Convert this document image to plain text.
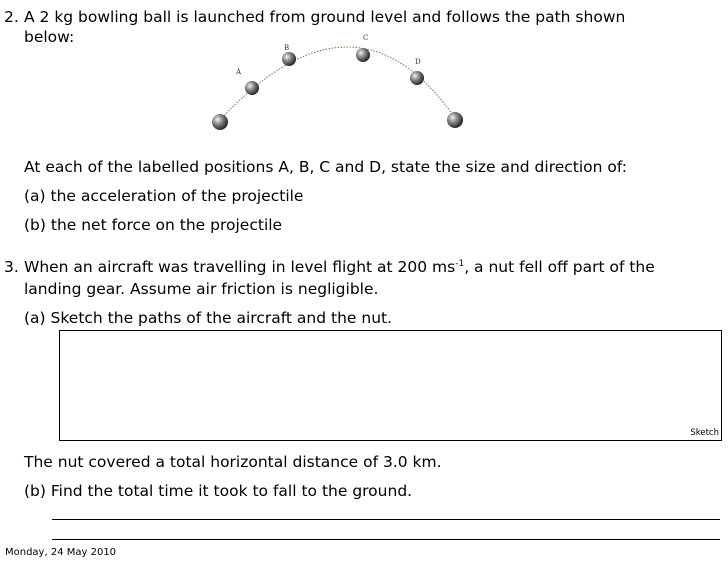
2. A 2 kg bowling ball is launched from ground level and follows the path shown
below:
A
B
C
D
At each of the labelled positions A, B, C and D, state the size and direction of:
(a) the acceleration of the projectile
(b) the net force on the projectile
3. When an aircraft was travelling in level flight at 200 $ms^{-1}$, a nut fell off part of the
landing gear. Assume air friction is negligible.
(a) Sketch the paths of the aircraft and the nut.
Sketch
The nut covered a total horizontal distance of 3.0 km.
(b) Find the total time it took to fall to the ground.
Monday, 24 May 2010
